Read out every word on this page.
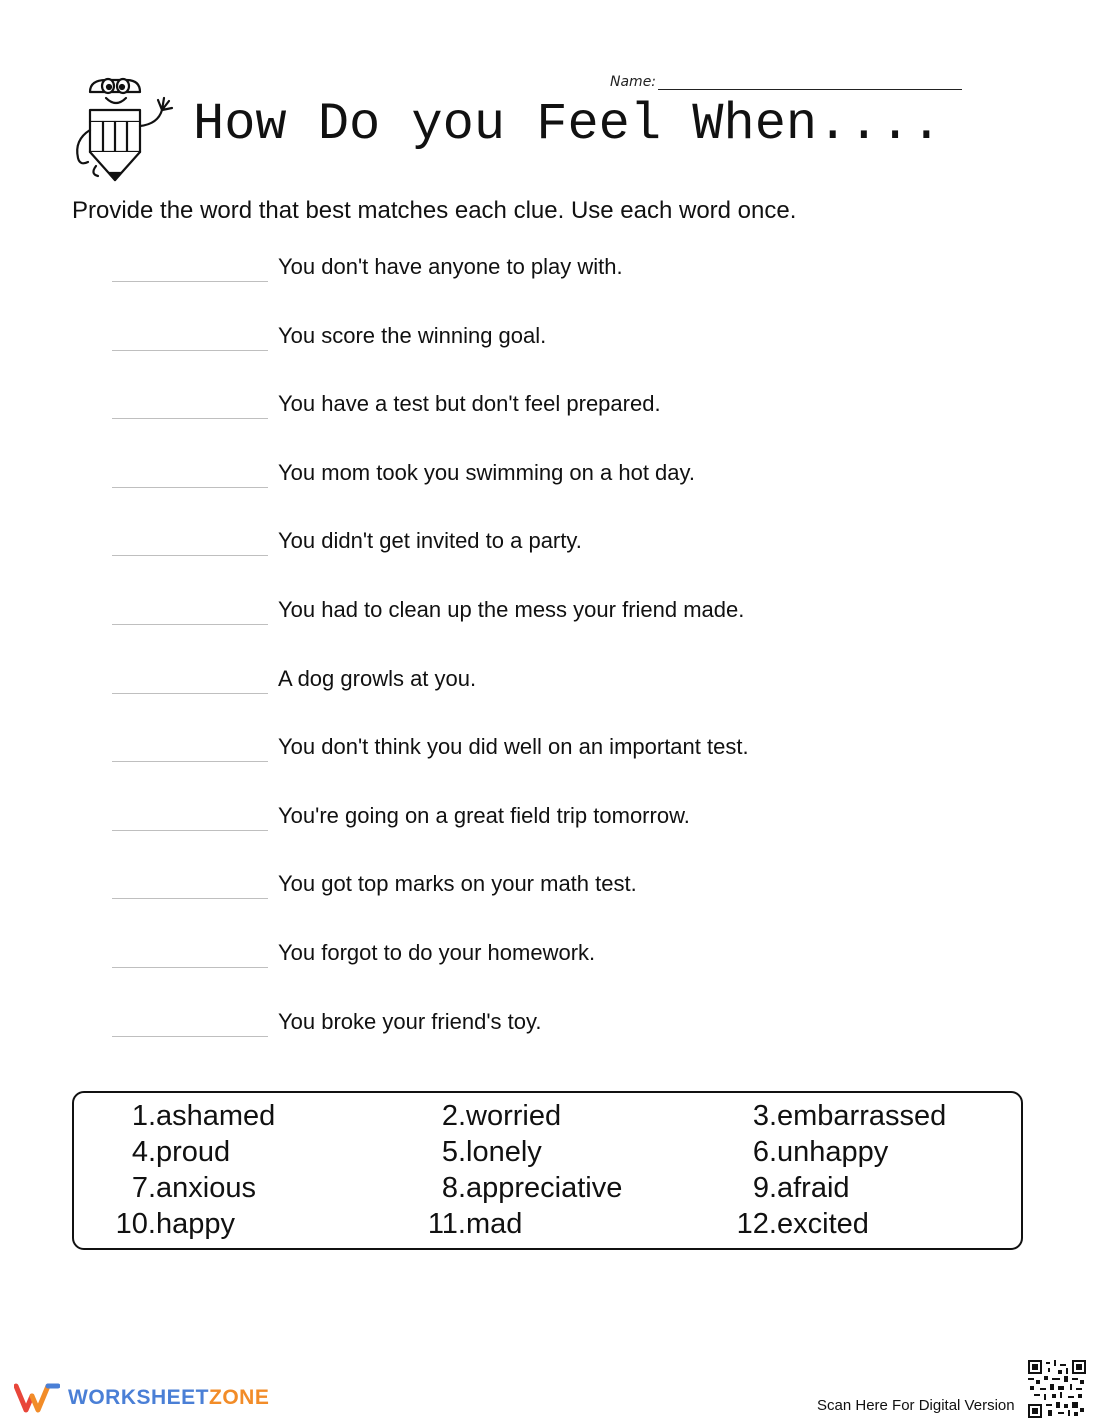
Name:
How Do you Feel When....

Provide the word that best matches each clue. Use each word once.

You don't have anyone to play with.
You score the winning goal.
You have a test but don't feel prepared.
You mom took you swimming on a hot day.
You didn't get invited to a party.
You had to clean up the mess your friend made.
A dog growls at you.
You don't think you did well on an important test.
You're going on a great field trip tomorrow.
You got top marks on your math test.
You forgot to do your homework.
You broke your friend's toy.
1.ashamed	2.worried	3.embarrassed
4.proud	5.lonely	6.unhappy
7.anxious	8.appreciative	9.afraid
10.happy	11.mad	12.excited
WORKSHEETZONE	Scan Here For Digital Version
